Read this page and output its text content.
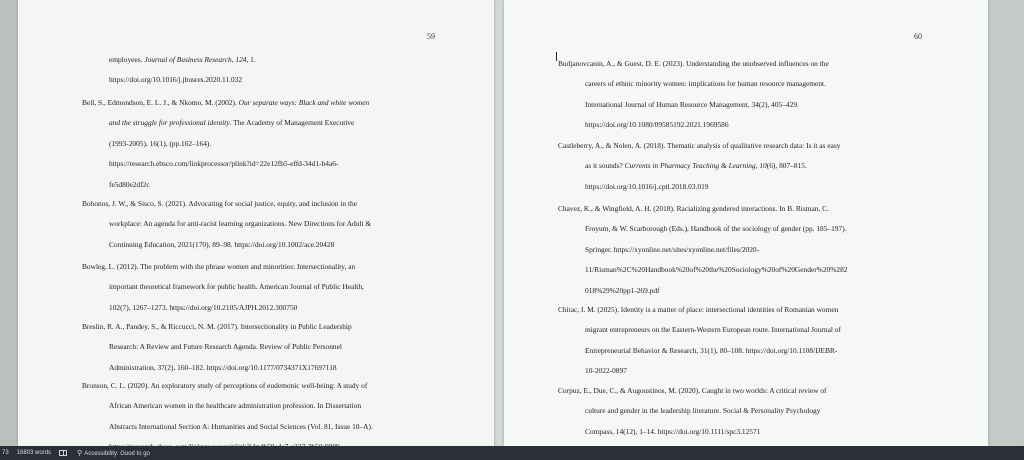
59
employees. Journal of Business Research, 124, 1.
https://doi.org/10.1016/j.jbusres.2020.11.032
Bell, S., Edmondson, E. L. J., & Nkomo, M. (2002). Our separate ways: Black and white women
and the struggle for professional identity. The Academy of Management Executive
(1993-2005), 16(1), (pp.162–164).
https://research.ebsco.com/linkprocessor/plink?id=22e12fb5-effd-34d1-b4a6-
fe5d80e2df2c
Bohonos, J. W., & Sisco, S. (2021). Advocating for social justice, equity, and inclusion in the
workplace: An agenda for anti-racist learning organizations. New Directions for Adult &
Continuing Education, 2021(170), 89–98. https://doi.org/10.1002/ace.20428
Bowleg, L. (2012). The problem with the phrase women and minorities: Intersectionality, an
important theoretical framework for public health. American Journal of Public Health,
102(7), 1267–1273. https://doi.org/10.2105/AJPH.2012.300750
Breslin, R. A., Pandey, S., & Riccucci, N. M. (2017). Intersectionality in Public Leadership
Research: A Review and Future Research Agenda. Review of Public Personnel
Administration, 37(2), 160–182. https://doi.org/10.1177/0734371X17697118
Bronson, C. L. (2020). An exploratory study of perceptions of eudemonic well-being: A study of
African American women in the healthcare administration profession. In Dissertation
Abstracts International Section A: Humanities and Social Sciences (Vol. 81, Issue 10–A).
60
Budjanovcanin, A., & Guest, D. E. (2023). Understanding the unobserved influences on the
careers of ethnic minority women: implications for human resource management.
International Journal of Human Resource Management, 34(2), 405–429.
https://doi.org/10.1080/09585192.2021.1969586
Castleberry, A., & Nolen, A. (2018). Thematic analysis of qualitative research data: Is it as easy
as it sounds? Currents in Pharmacy Teaching & Learning, 10(6), 807–815.
https://doi.org/10.1016/j.cptl.2018.03.019
Chavez, K., & Wingfield, A. H. (2018). Racializing gendered interactions. In B. Risman, C.
Froyum, & W. Scarborough (Eds.), Handbook of the sociology of gender (pp. 185–197).
Springer. https://xyonline.net/sites/xyonline.net/files/2020-
11/Risman%2C%20Handbook%20of%20the%20Sociology%20of%20Gender%20%282
018%29%20pp1-269.pdf
Chitac, I. M. (2025). Identity is a matter of place: intersectional identities of Romanian women
migrant entrepreneurs on the Eastern-Western European route. International Journal of
Entrepreneurial Behavior & Research, 31(1), 80–108. https://doi.org/10.1108/IJEBR-
10-2022-0897
Corpuz, E., Due, C., & Augoustinos, M. (2020). Caught in two worlds: A critical review of
culture and gender in the leadership literature. Social & Personality Psychology
Compass, 14(12), 1–14. https://doi.org/10.1111/spc3.12571
73 16803 words	⚲ Accessibility: Good to go
